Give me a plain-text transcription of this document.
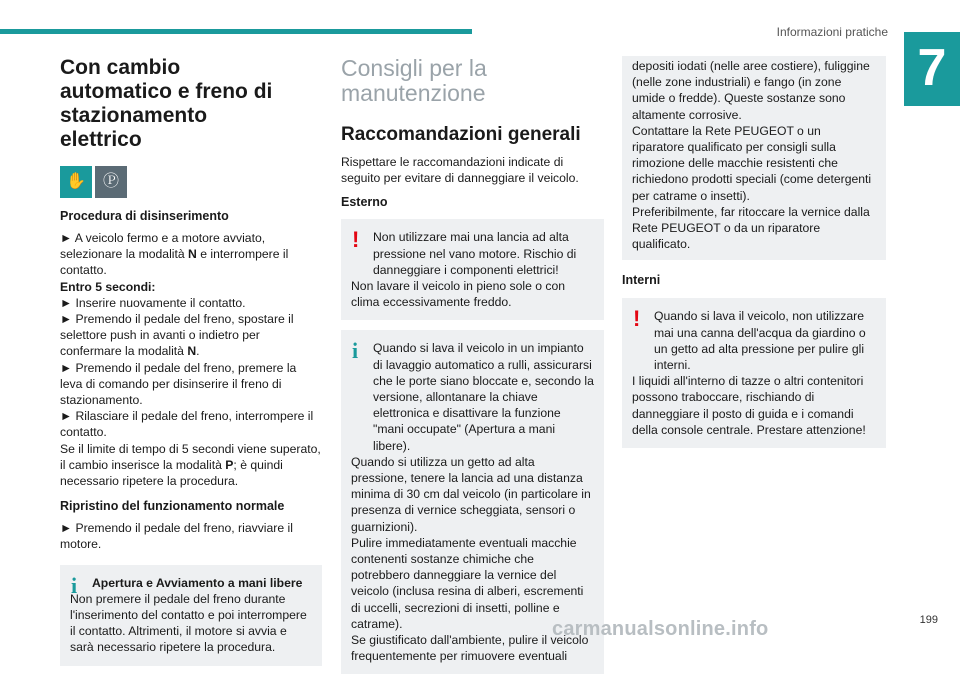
Informazioni pratiche
7
Con cambio automatico e freno di stazionamento elettrico
✋ Ⓟ
Procedura di disinserimento

► A veicolo fermo e a motore avviato, selezionare la modalità N e interrompere il contatto.

Entro 5 secondi:

► Inserire nuovamente il contatto.

► Premendo il pedale del freno, spostare il selettore push in avanti o indietro per confermare la modalità N.

► Premendo il pedale del freno, premere la leva di comando per disinserire il freno di stazionamento.

► Rilasciare il pedale del freno, interrompere il contatto.

Se il limite di tempo di 5 secondi viene superato, il cambio inserisce la modalità P; è quindi necessario ripetere la procedura.

Ripristino del funzionamento normale

► Premendo il pedale del freno, riavviare il motore.

i	Apertura e Avviamento a mani libere

Non premere il pedale del freno durante l'inserimento del contatto e poi interrompere il contatto. Altrimenti, il motore si avvia e sarà necessario ripetere la procedura.

Consigli per la manutenzione
Raccomandazioni generali

Rispettare le raccomandazioni indicate di seguito per evitare di danneggiare il veicolo.

Esterno
!	Non utilizzare mai una lancia ad alta pressione nel vano motore. Rischio di danneggiare i componenti elettrici!

Non lavare il veicolo in pieno sole o con clima eccessivamente freddo.

i	Quando si lava il veicolo in un impianto di lavaggio automatico a rulli, assicurarsi che le porte siano bloccate e, secondo la versione, allontanare la chiave elettronica e disattivare la funzione "mani occupate" (Apertura a mani libere).

Quando si utilizza un getto ad alta pressione, tenere la lancia ad una distanza minima di 30 cm dal veicolo (in particolare in presenza di vernice scheggiata, sensori o guarnizioni).

Pulire immediatamente eventuali macchie contenenti sostanze chimiche che potrebbero danneggiare la vernice del veicolo (inclusa resina di alberi, escrementi di uccelli, secrezioni di insetti, polline e catrame).

Se giustificato dall'ambiente, pulire il veicolo frequentemente per rimuovere eventuali

depositi iodati (nelle aree costiere), fuliggine (nelle zone industriali) e fango (in zone umide o fredde). Queste sostanze sono altamente corrosive.

Contattare la Rete PEUGEOT o un riparatore qualificato per consigli sulla rimozione delle macchie resistenti che richiedono prodotti speciali (come detergenti per catrame o insetti).

Preferibilmente, far ritoccare la vernice dalla Rete PEUGEOT o da un riparatore qualificato.

Interni
!	Quando si lava il veicolo, non utilizzare mai una canna dell'acqua da giardino o un getto ad alta pressione per pulire gli interni.

I liquidi all'interno di tazze o altri contenitori possono traboccare, rischiando di danneggiare il posto di guida e i comandi della console centrale. Prestare attenzione!

carmanualsonline.info	199
